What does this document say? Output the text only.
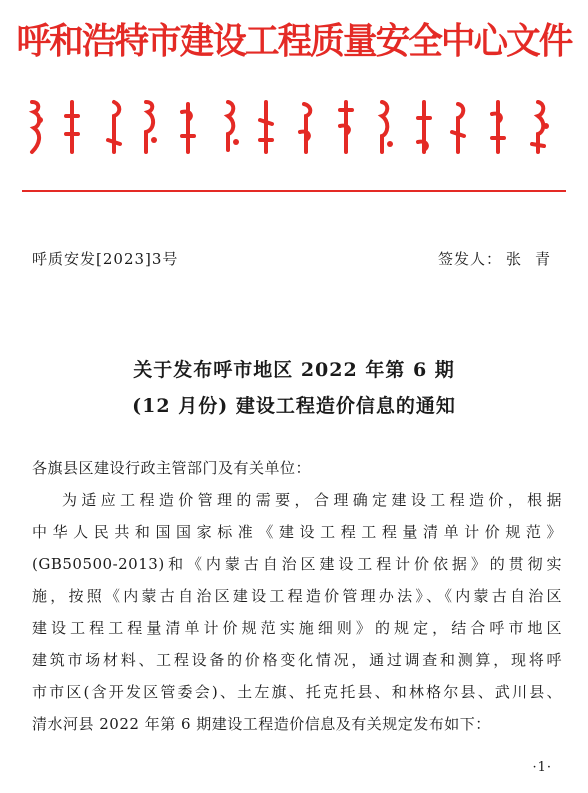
呼和浩特市建设工程质量安全中心文件
呼质安发[2023]3号	签发人： 张青
关于发布呼市地区 2022 年第 6 期
(12 月份) 建设工程造价信息的通知

各旗县区建设行政主管部门及有关单位：

为适应工程造价管理的需要，合理确定建设工程造价，根据

中华人民共和国国家标准《建设工程工程量清单计价规范》

(GB50500-2013)和《内蒙古自治区建设工程计价依据》的贯彻实

施，按照《内蒙古自治区建设工程造价管理办法》、《内蒙古自治区

建设工程工程量清单计价规范实施细则》的规定，结合呼市地区

建筑市场材料、工程设备的价格变化情况，通过调查和测算，现将呼

市市区(含开发区管委会)、土左旗、托克托县、和林格尔县、武川县、

清水河县 2022 年第 6 期建设工程造价信息及有关规定发布如下：

·1·
